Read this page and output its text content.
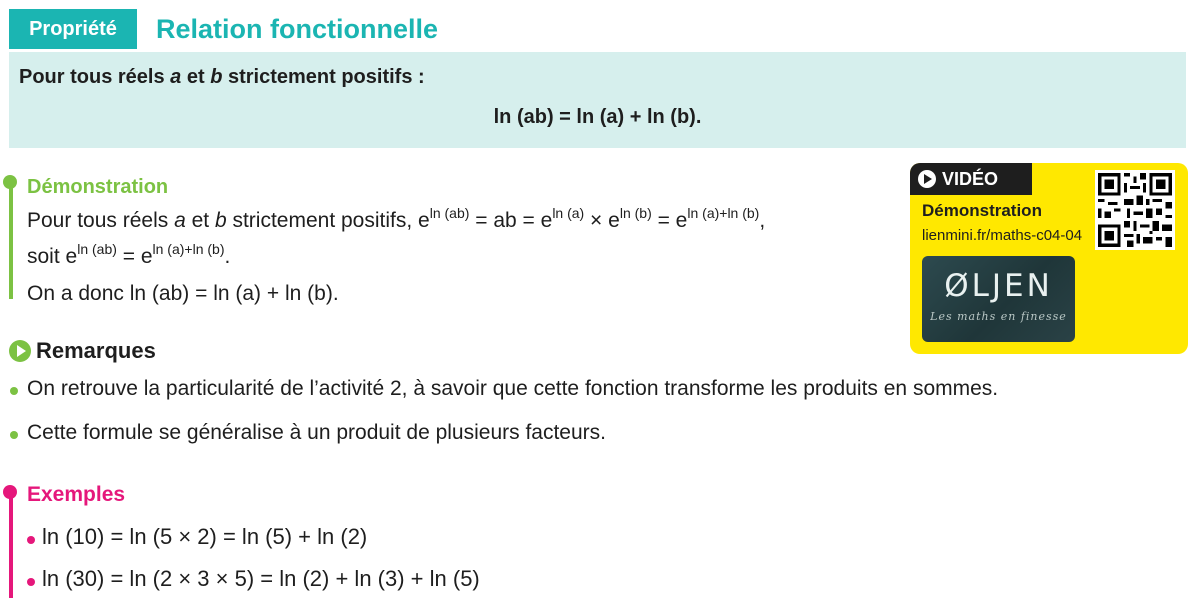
Propriété	Relation fonctionnelle
Pour tous réels a et b strictement positifs :
ln (ab) = ln (a) + ln (b).
Démonstration
Pour tous réels a et b strictement positifs, $e^{ln (ab)}$ = ab = $e^{ln (a)} \times e^{ln (b)} = e^{ln (a)+ln (b)}$,
soit $e^{ln (ab)} = e^{ln (a)+ln (b)}$.
On a donc ln (ab) = ln (a) + ln (b).
VIDÉO
Démonstration
lienmini.fr/maths-c04-04
ØLJEN
Les maths en finesse
Remarques
On retrouve la particularité de l’activité 2, à savoir que cette fonction transforme les produits en sommes.
Cette formule se généralise à un produit de plusieurs facteurs.
Exemples
ln (10) = ln (5 × 2) = ln (5) + ln (2)
ln (30) = ln (2 × 3 × 5) = ln (2) + ln (3) + ln (5)
